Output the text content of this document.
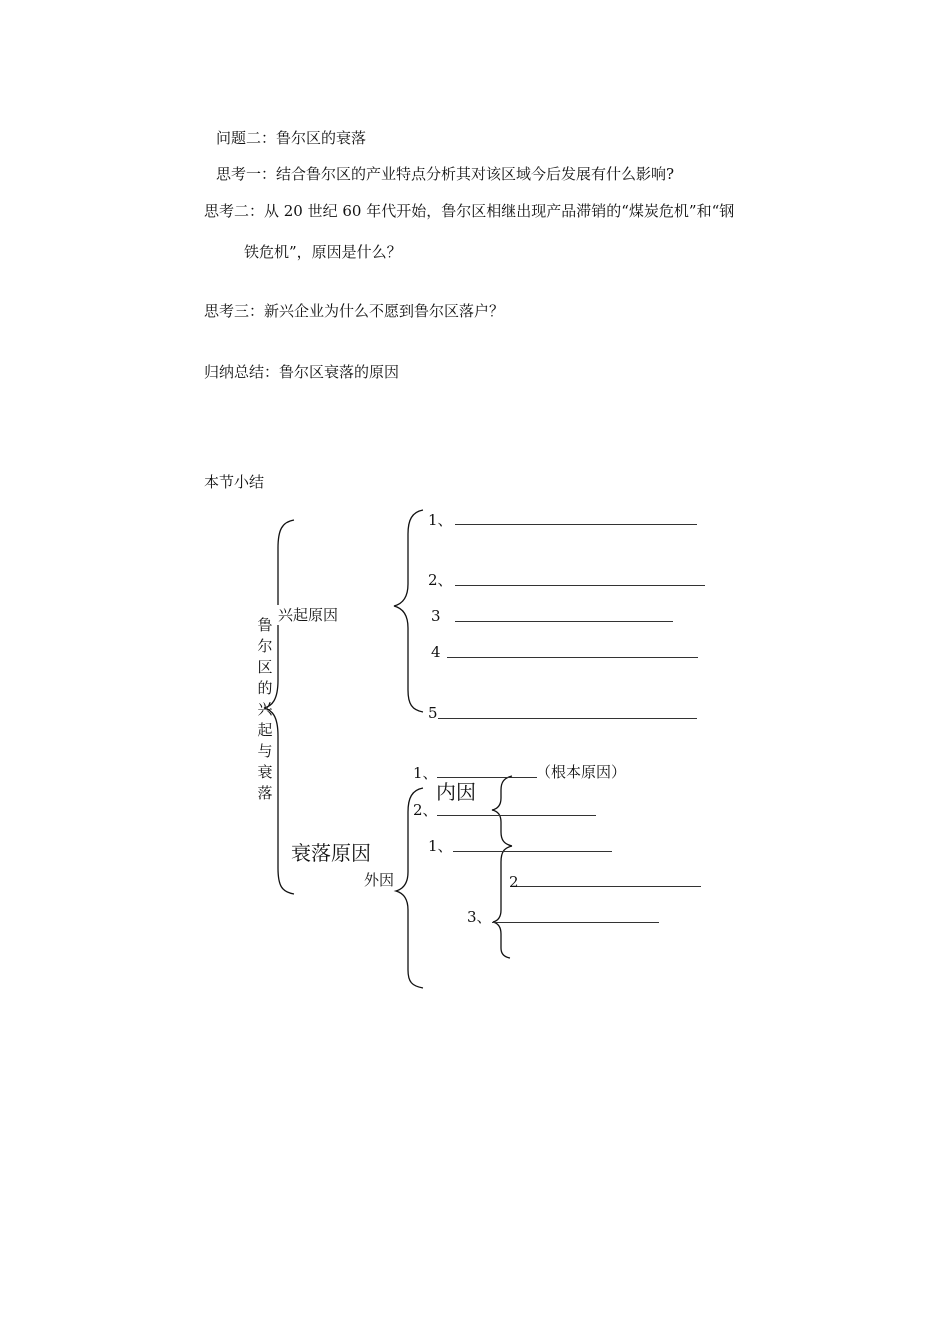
问题二：鲁尔区的衰落
思考一：结合鲁尔区的产业特点分析其对该区域今后发展有什么影响?
思考二：从 20 世纪 60 年代开始，鲁尔区相继出现产品滞销的“煤炭危机”和“钢
铁危机”，原因是什么？
思考三：新兴企业为什么不愿到鲁尔区落户？
归纳总结：鲁尔区衰落的原因
本节小结
鲁尔区的兴起与衰落
兴起原因
1、
2、
3
4
5
衰落原因
外因
内因
1、	（根本原因）
2、
1、
2
3、
